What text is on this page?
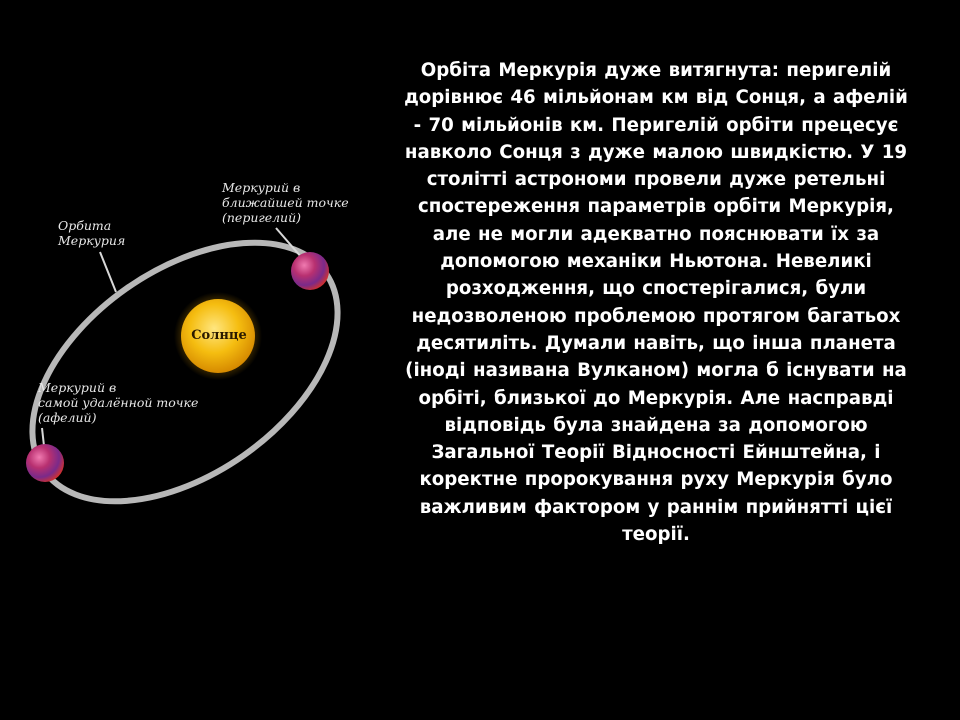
Орбита
Меркурия
Меркурий в
ближайшей точке
(перигелий)
Меркурий в
самой удалённой точке
(афелий)
Солнце
Орбіта Меркурія дуже витягнута: перигелій
дорівнює 46 мільйонам км від Сонця, а афелій
- 70 мільйонів км. Перигелій орбіти прецесує
навколо Сонця з дуже малою швидкістю. У 19
столітті астрономи провели дуже ретельні
спостереження параметрів орбіти Меркурія,
але не могли адекватно пояснювати їх за
допомогою механіки Ньютона. Невеликі
розходження, що спостерігалися, були
недозволеною проблемою протягом багатьох
десятиліть. Думали навіть, що інша планета
(іноді називана Вулканом) могла б існувати на
орбіті, близької до Меркурія. Але насправді
відповідь була знайдена за допомогою
Загальної Теорії Відносності Ейнштейна, і
коректне пророкування руху Меркурія було
важливим фактором у раннім прийнятті цієї
теорії.
